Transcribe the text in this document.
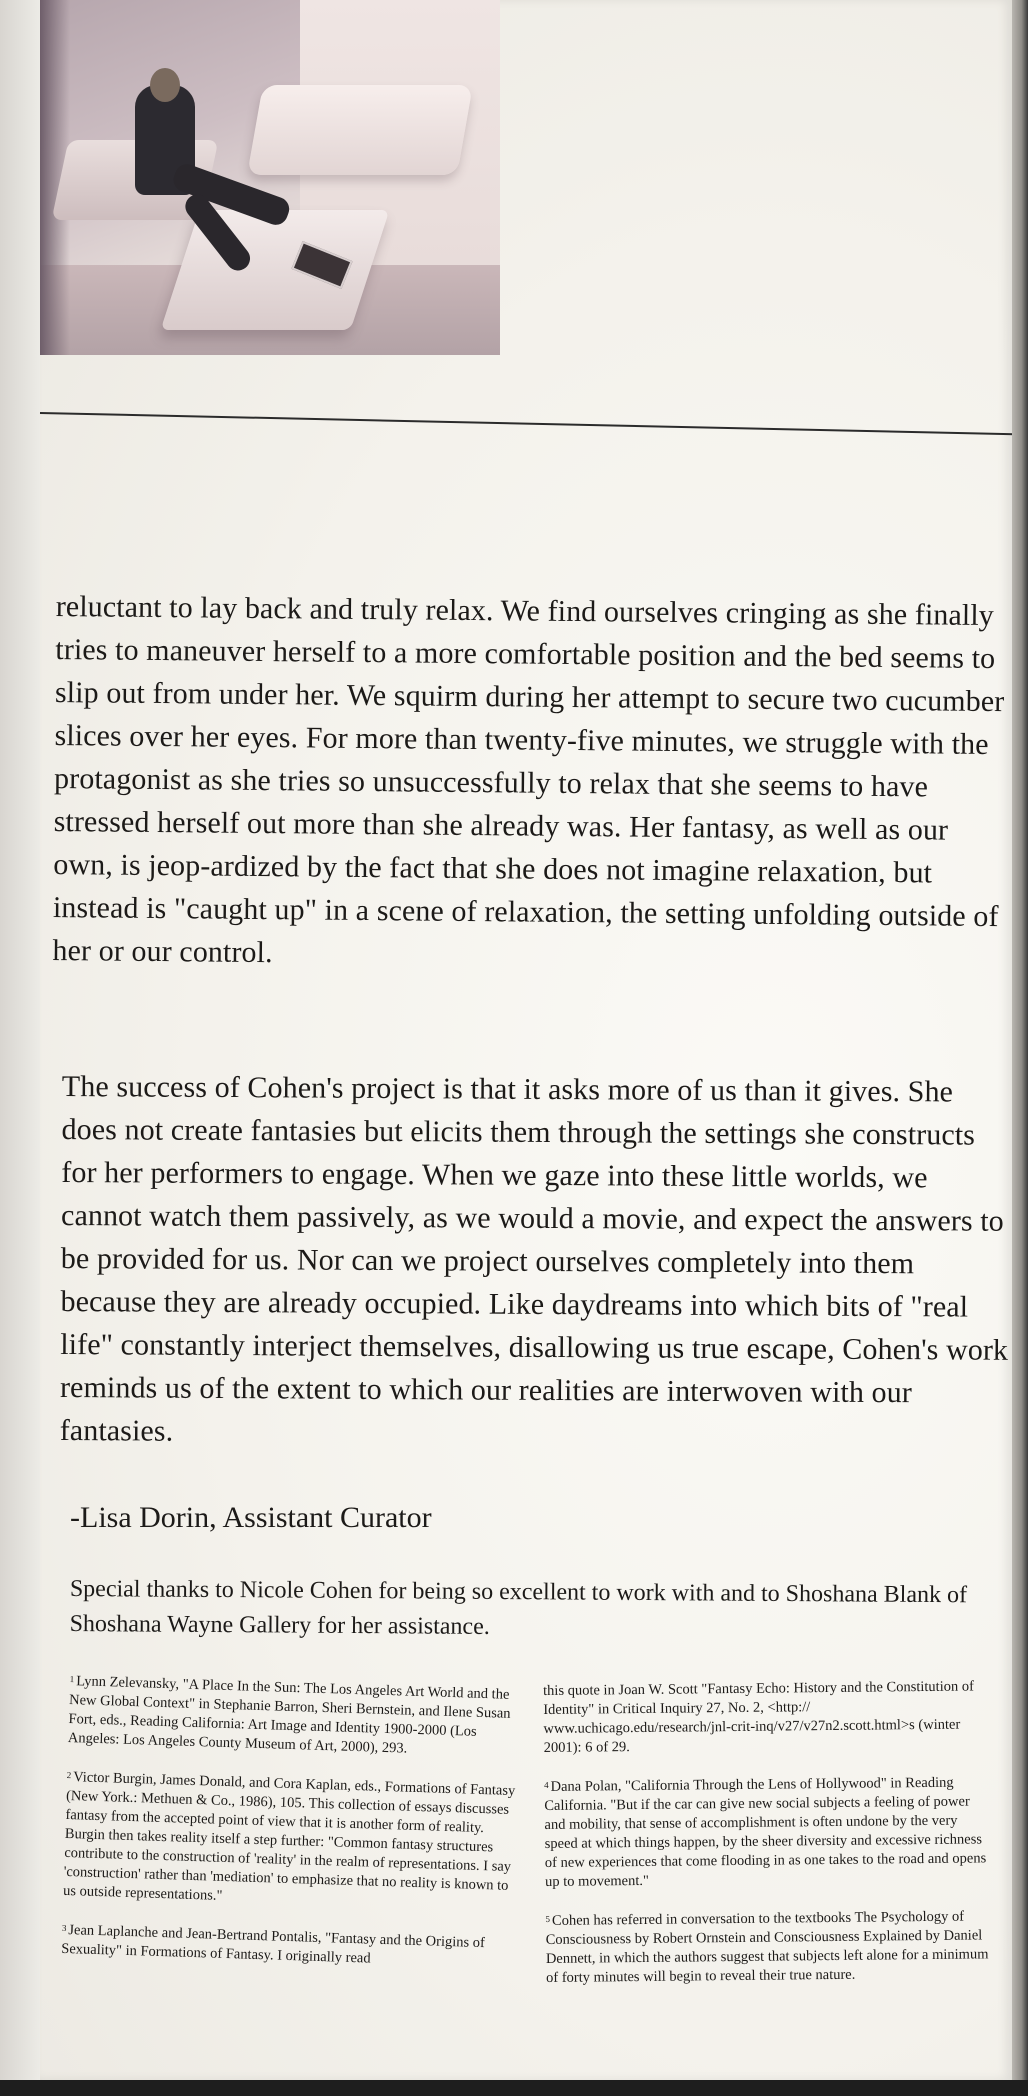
reluctant to lay back and truly relax. We find ourselves cringing as she finally tries to maneuver herself to a more comfortable position and the bed seems to slip out from under her. We squirm during her attempt to secure two cucumber slices over her eyes. For more than twenty-five minutes, we struggle with the protagonist as she tries so unsuccessfully to relax that she seems to have stressed herself out more than she already was. Her fantasy, as well as our own, is jeop-ardized by the fact that she does not imagine relaxation, but instead is "caught up" in a scene of relaxation, the setting unfolding outside of her or our control.

The success of Cohen's project is that it asks more of us than it gives. She does not create fantasies but elicits them through the settings she constructs for her performers to engage. When we gaze into these little worlds, we cannot watch them passively, as we would a movie, and expect the answers to be provided for us. Nor can we project ourselves completely into them because they are already occupied. Like daydreams into which bits of "real life" constantly interject themselves, disallowing us true escape, Cohen's work reminds us of the extent to which our realities are interwoven with our fantasies.

-Lisa Dorin, Assistant Curator

Special thanks to Nicole Cohen for being so excellent to work with and to Shoshana Blank of Shoshana Wayne Gallery for her assistance.

$^1$ Lynn Zelevansky, "A Place In the Sun: The Los Angeles Art World and the New Global Context" in Stephanie Barron, Sheri Bernstein, and Ilene Susan Fort, eds., Reading California: Art Image and Identity 1900-2000 (Los Angeles: Los Angeles County Museum of Art, 2000), 293.

$^2$ Victor Burgin, James Donald, and Cora Kaplan, eds., Formations of Fantasy (New York.: Methuen & Co., 1986), 105. This collection of essays discusses fantasy from the accepted point of view that it is another form of reality. Burgin then takes reality itself a step further: "Common fantasy structures contribute to the construction of 'reality' in the realm of representations. I say 'construction' rather than 'mediation' to emphasize that no reality is known to us outside representations."

$^3$ Jean Laplanche and Jean-Bertrand Pontalis, "Fantasy and the Origins of Sexuality" in Formations of Fantasy. I originally read

this quote in Joan W. Scott "Fantasy Echo: History and the Constitution of Identity" in Critical Inquiry 27, No. 2, <http:// www.uchicago.edu/research/jnl-crit-inq/v27/v27n2.scott.html>s (winter 2001): 6 of 29.

$^4$ Dana Polan, "California Through the Lens of Hollywood" in Reading California. "But if the car can give new social subjects a feeling of power and mobility, that sense of accomplishment is often undone by the very speed at which things happen, by the sheer diversity and excessive richness of new experiences that come flooding in as one takes to the road and opens up to movement."

$^5$ Cohen has referred in conversation to the textbooks The Psychology of Consciousness by Robert Ornstein and Consciousness Explained by Daniel Dennett, in which the authors suggest that subjects left alone for a minimum of forty minutes will begin to reveal their true nature.
